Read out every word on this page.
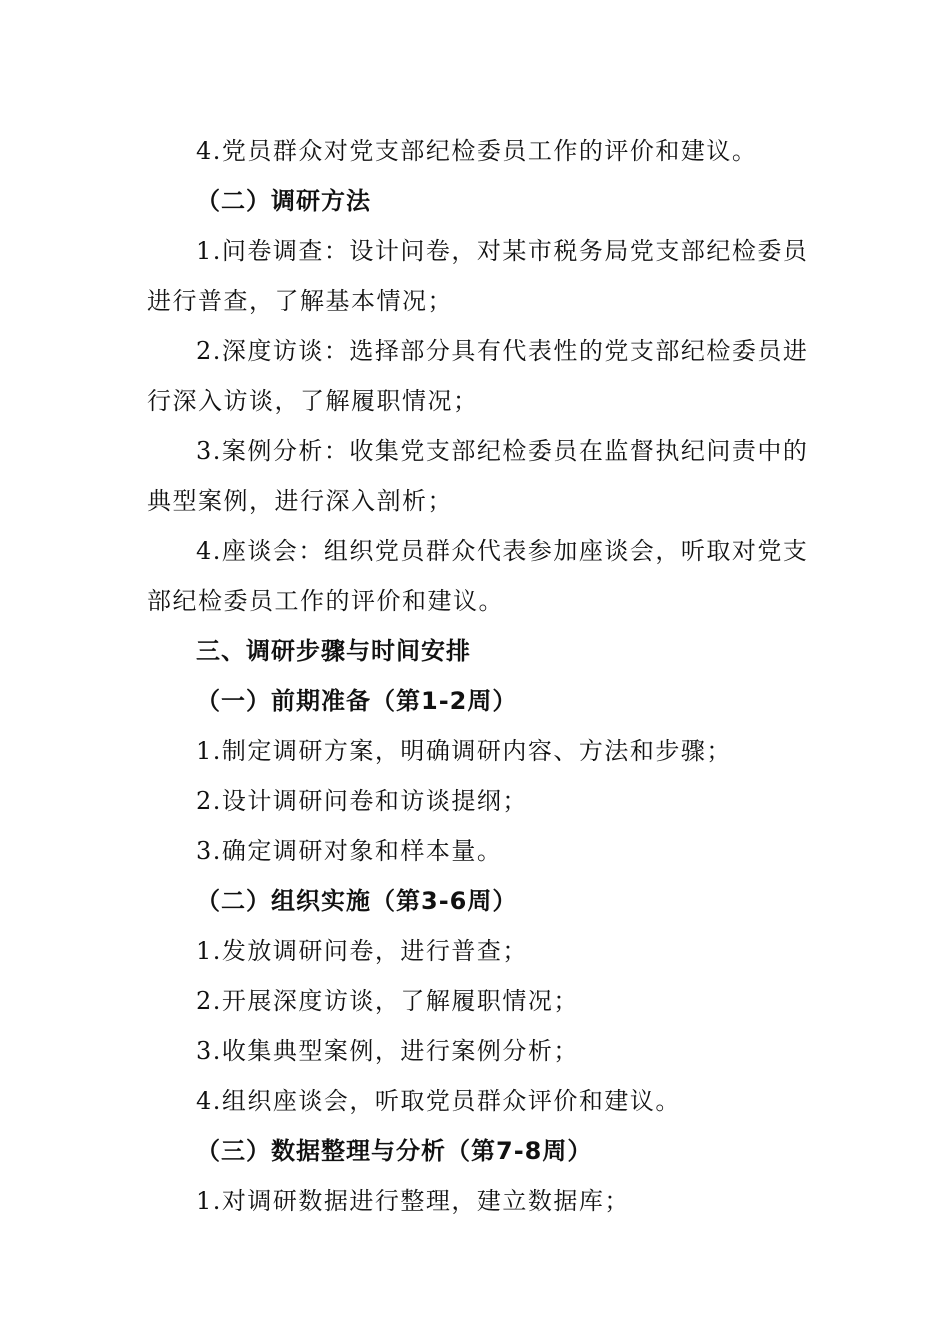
4.党员群众对党支部纪检委员工作的评价和建议。
（二）调研方法
1.问卷调查：设计问卷，对某市税务局党支部纪检委员
进行普查，了解基本情况；
2.深度访谈：选择部分具有代表性的党支部纪检委员进
行深入访谈，了解履职情况；
3.案例分析：收集党支部纪检委员在监督执纪问责中的
典型案例，进行深入剖析；
4.座谈会：组织党员群众代表参加座谈会，听取对党支
部纪检委员工作的评价和建议。
三、调研步骤与时间安排
（一）前期准备（第1-2周）
1.制定调研方案，明确调研内容、方法和步骤；
2.设计调研问卷和访谈提纲；
3.确定调研对象和样本量。
（二）组织实施（第3-6周）
1.发放调研问卷，进行普查；
2.开展深度访谈，了解履职情况；
3.收集典型案例，进行案例分析；
4.组织座谈会，听取党员群众评价和建议。
（三）数据整理与分析（第7-8周）
1.对调研数据进行整理，建立数据库；
